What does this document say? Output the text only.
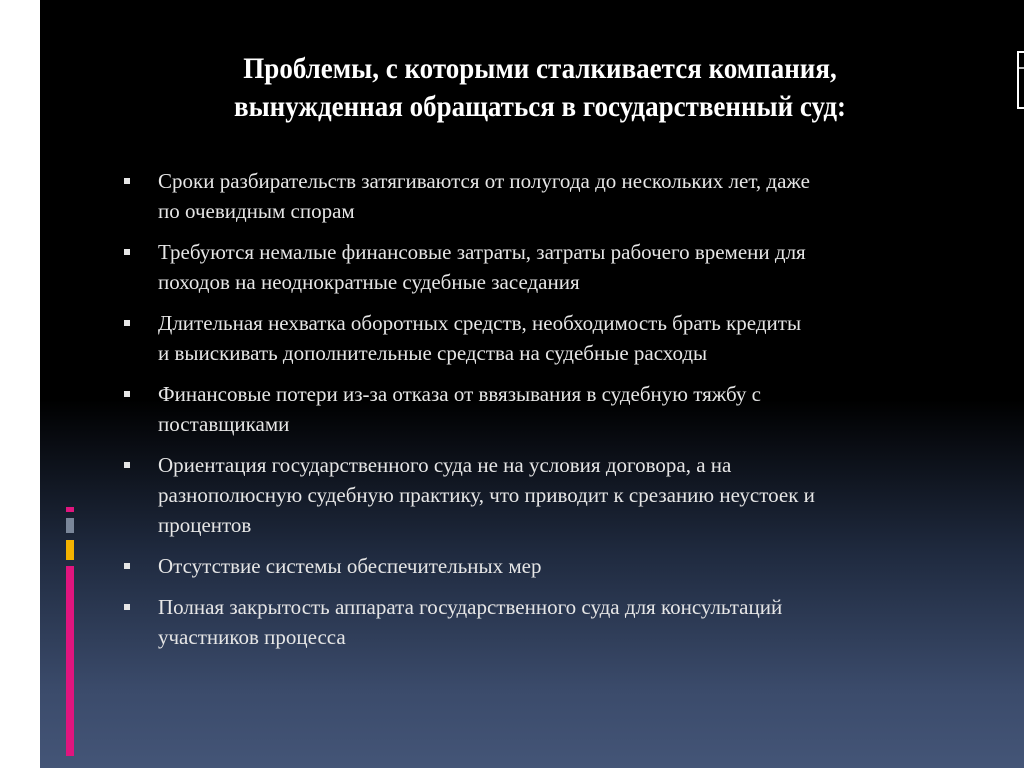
Проблемы, с которыми сталкивается компания,
вынужденная обращаться в государственный суд:
Сроки разбирательств затягиваются от полугода до нескольких лет, даже
по очевидным спорам
Требуются немалые финансовые затраты, затраты рабочего времени для
походов на неоднократные судебные заседания
Длительная нехватка оборотных средств, необходимость брать кредиты
и выискивать дополнительные средства на судебные расходы
Финансовые потери из-за отказа от ввязывания в судебную тяжбу с
поставщиками
Ориентация государственного суда не на условия договора, а на
разнополюсную судебную практику, что приводит к срезанию неустоек и
процентов
Отсутствие системы обеспечительных мер
Полная закрытость аппарата государственного суда для консультаций
участников процесса
